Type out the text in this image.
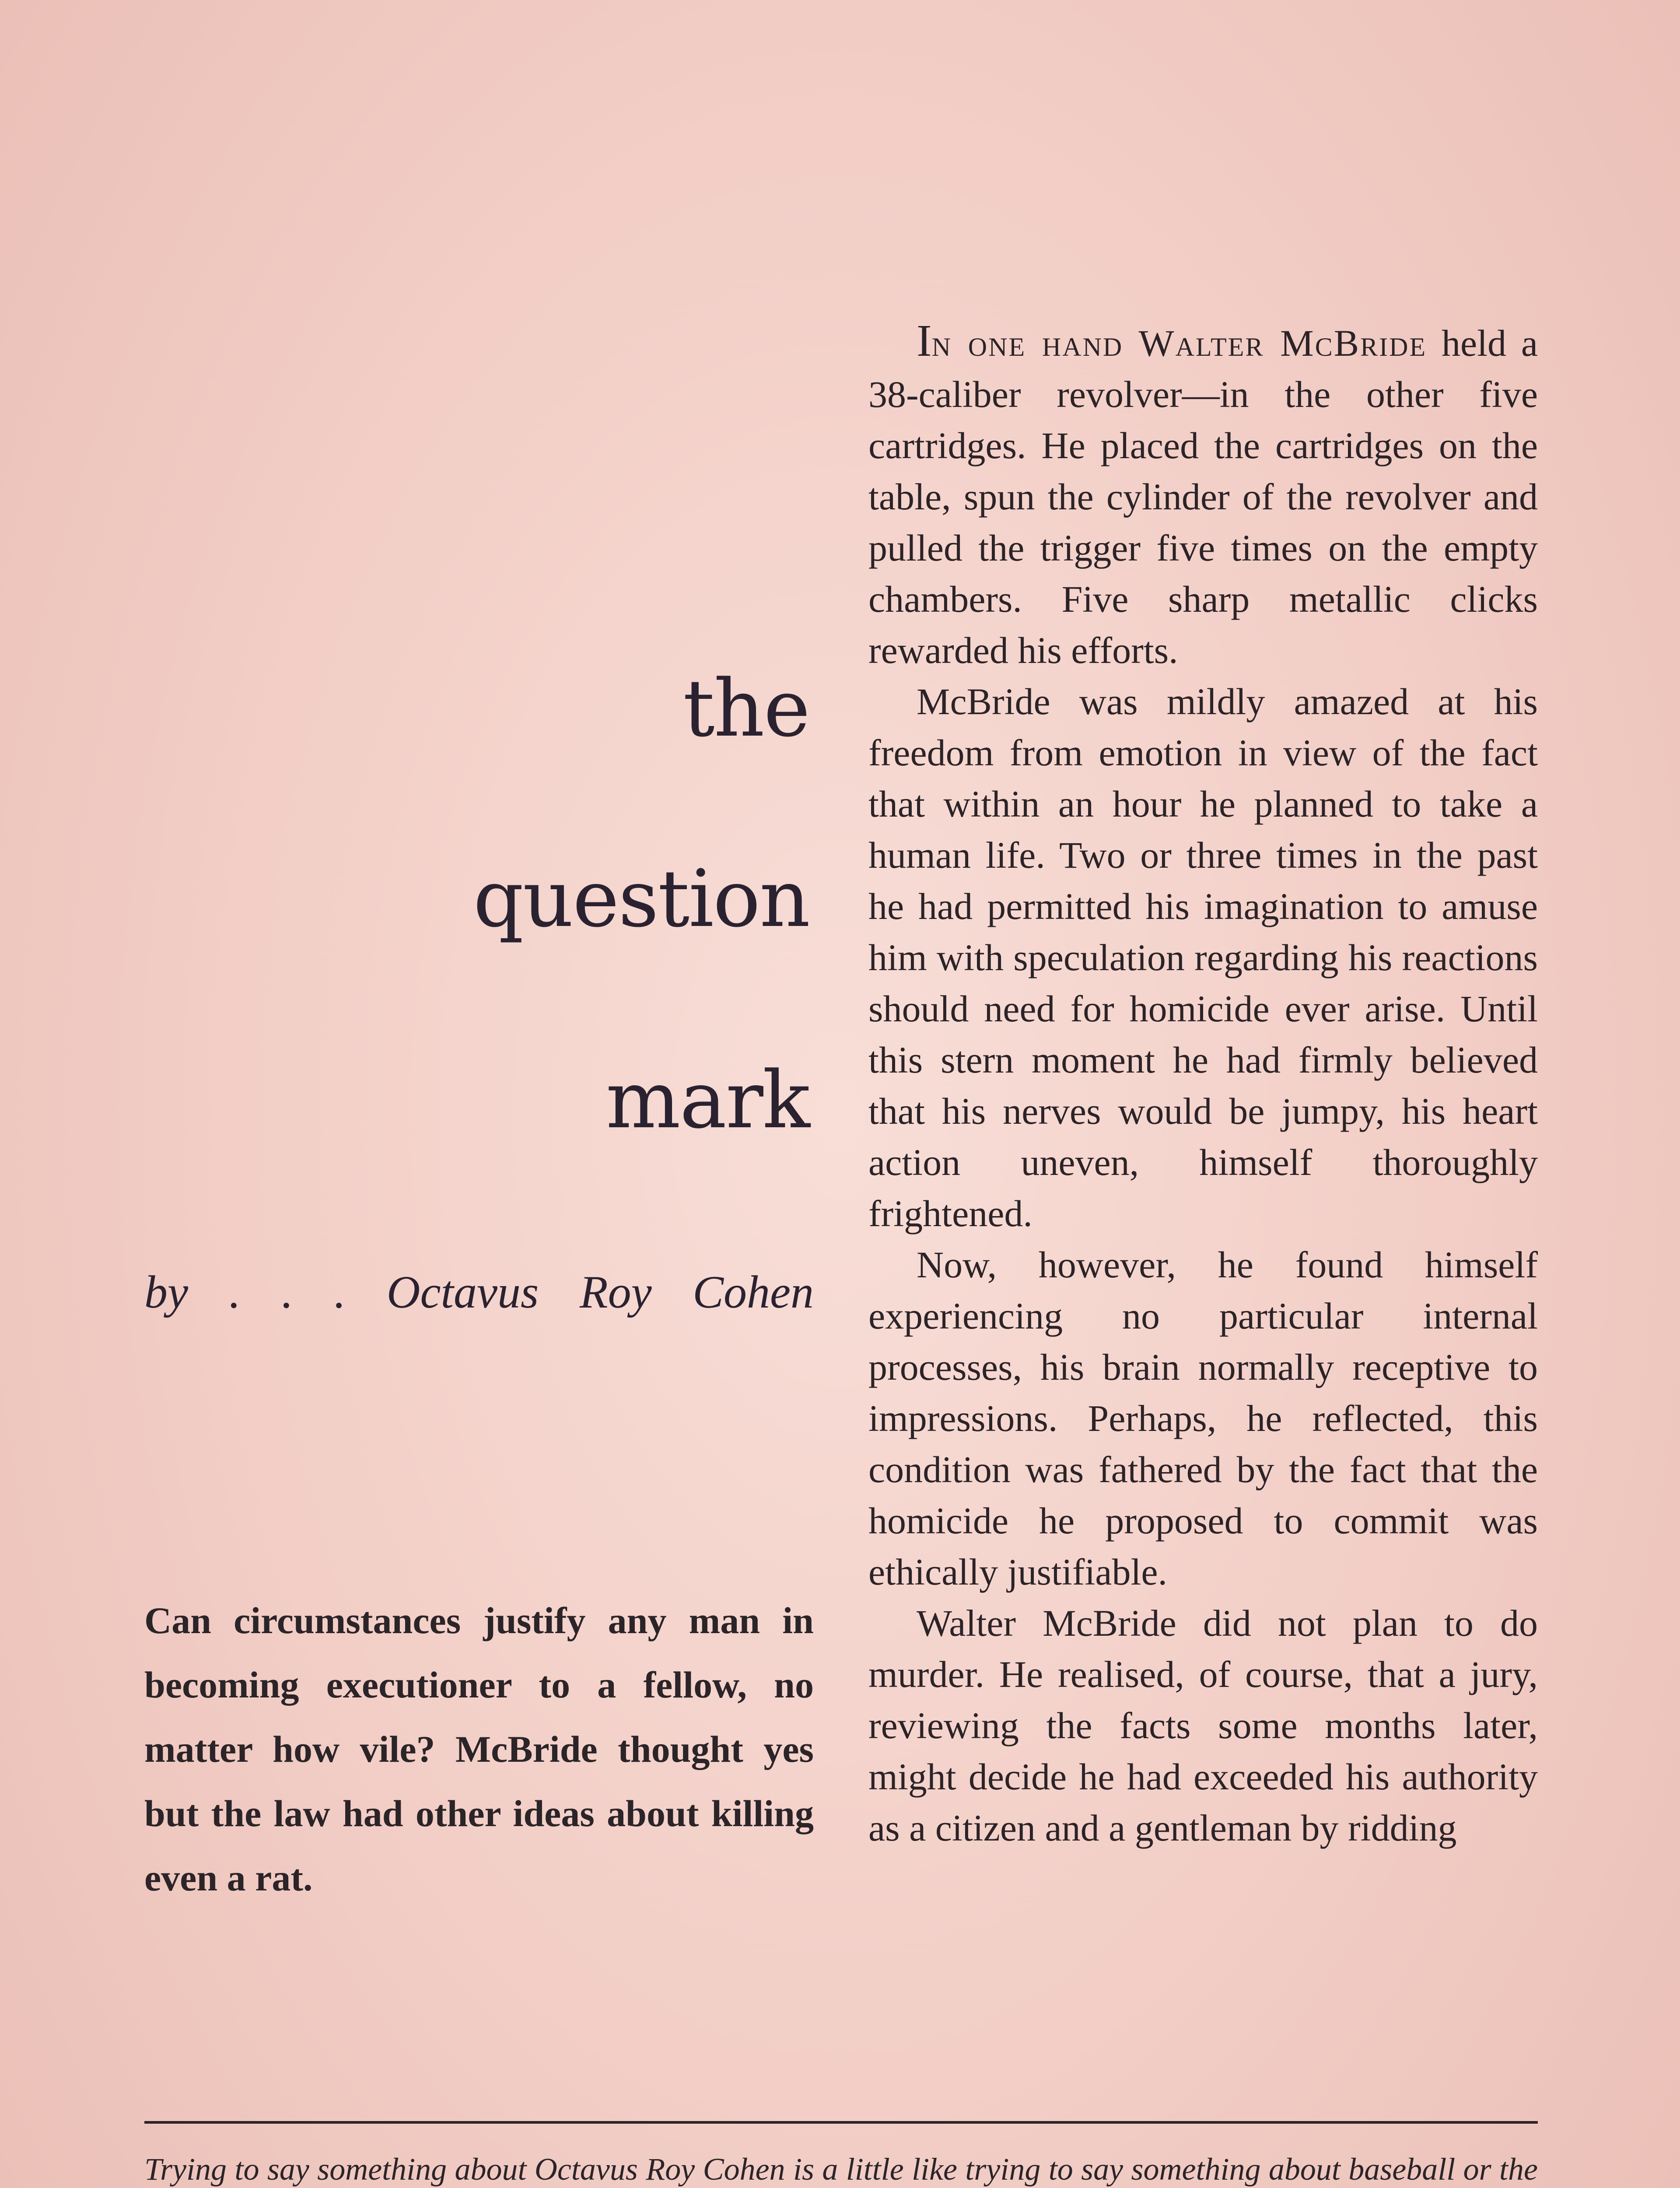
the
question
mark
by . . . Octavus Roy Cohen
Can circumstances justify any man in becoming executioner to a fellow, no matter how vile? McBride thought yes but the law had other ideas about killing even a rat.

In one hand Walter McBride held a 38-caliber revolver—in the other five cartridges. He placed the cartridges on the table, spun the cylinder of the revolver and pulled the trigger five times on the empty chambers. Five sharp metallic clicks rewarded his efforts.

McBride was mildly amazed at his freedom from emotion in view of the fact that within an hour he planned to take a human life. Two or three times in the past he had permitted his imagination to amuse him with speculation regarding his reactions should need for homicide ever arise. Until this stern moment he had firmly believed that his nerves would be jumpy, his heart action uneven, himself thoroughly frightened.

Now, however, he found himself experiencing no particular internal processes, his brain normally receptive to impressions. Perhaps, he reflected, this condition was fathered by the fact that the homicide he proposed to commit was ethically justifiable.

Walter McBride did not plan to do murder. He realised, of course, that a jury, reviewing the facts some months later, might decide he had exceeded his authority as a citizen and a gentleman by ridding

Trying to say something about Octavus Roy Cohen is a little like trying to say something about baseball or the
